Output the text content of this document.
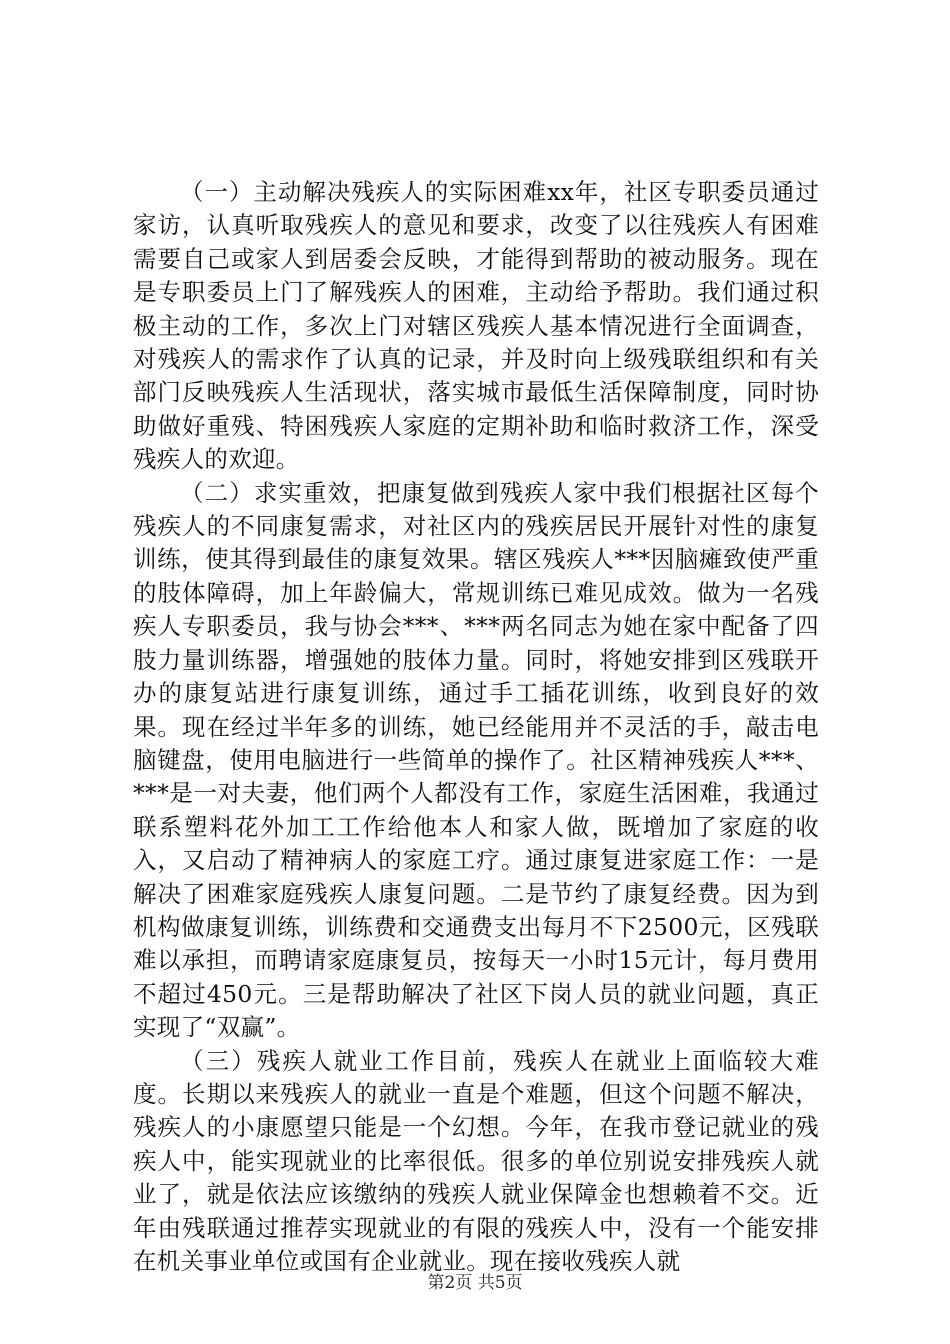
（一）主动解决残疾人的实际困难xx年，社区专职委员通过家访，认真听取残疾人的意见和要求，改变了以往残疾人有困难需要自己或家人到居委会反映，才能得到帮助的被动服务。现在是专职委员上门了解残疾人的困难，主动给予帮助。我们通过积极主动的工作，多次上门对辖区残疾人基本情况进行全面调查，对残疾人的需求作了认真的记录，并及时向上级残联组织和有关部门反映残疾人生活现状，落实城市最低生活保障制度，同时协助做好重残、特困残疾人家庭的定期补助和临时救济工作，深受残疾人的欢迎。

（二）求实重效，把康复做到残疾人家中我们根据社区每个残疾人的不同康复需求，对社区内的残疾居民开展针对性的康复训练，使其得到最佳的康复效果。辖区残疾人***因脑瘫致使严重的肢体障碍，加上年龄偏大，常规训练已难见成效。做为一名残疾人专职委员，我与协会***、***两名同志为她在家中配备了四肢力量训练器，增强她的肢体力量。同时，将她安排到区残联开办的康复站进行康复训练，通过手工插花训练，收到良好的效果。现在经过半年多的训练，她已经能用并不灵活的手，敲击电脑键盘，使用电脑进行一些简单的操作了。社区精神残疾人***、***是一对夫妻，他们两个人都没有工作，家庭生活困难，我通过联系塑料花外加工工作给他本人和家人做，既增加了家庭的收入，又启动了精神病人的家庭工疗。通过康复进家庭工作：一是解决了困难家庭残疾人康复问题。二是节约了康复经费。因为到机构做康复训练，训练费和交通费支出每月不下2500元，区残联难以承担，而聘请家庭康复员，按每天一小时15元计，每月费用不超过450元。三是帮助解决了社区下岗人员的就业问题，真正实现了“双赢”。

（三）残疾人就业工作目前，残疾人在就业上面临较大难度。长期以来残疾人的就业一直是个难题，但这个问题不解决，残疾人的小康愿望只能是一个幻想。今年，在我市登记就业的残疾人中，能实现就业的比率很低。很多的单位别说安排残疾人就业了，就是依法应该缴纳的残疾人就业保障金也想赖着不交。近年由残联通过推荐实现就业的有限的残疾人中，没有一个能安排在机关事业单位或国有企业就业。现在接收残疾人就

第2页 共5页
